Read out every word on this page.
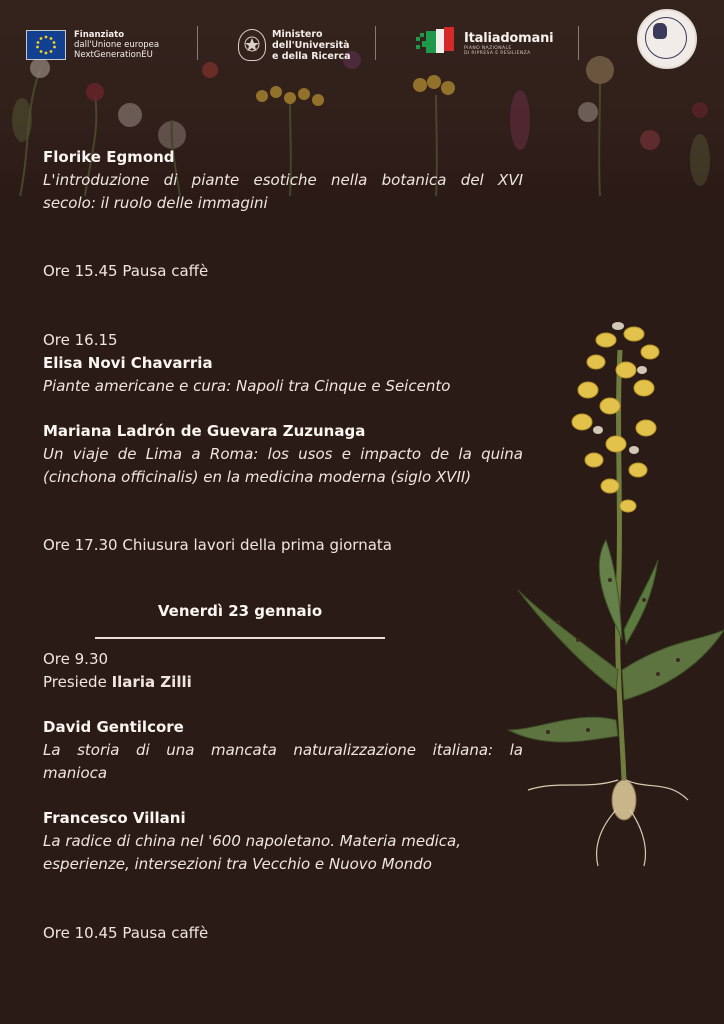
Finanziato
dall'Unione europea
NextGenerationEU
Ministero
dell'Università
e della Ricerca
Italiadomani
PIANO NAZIONALE
DI RIPRESA E RESILIENZA
Florike Egmond
L'introduzione di piante esotiche nella botanica del XVI
secolo: il ruolo delle immagini
Ore 15.45 Pausa caffè
Ore 16.15
Elisa Novi Chavarria
Piante americane e cura: Napoli tra Cinque e Seicento
Mariana Ladrón de Guevara Zuzunaga
Un viaje de Lima a Roma: los usos e impacto de la quina
(cinchona officinalis) en la medicina moderna (siglo XVII)
Ore 17.30 Chiusura lavori della prima giornata
Ore 9.30
Presiede Ilaria Zilli
David Gentilcore
La storia di una mancata naturalizzazione italiana: la
manioca
Francesco Villani
La radice di china nel '600 napoletano. Materia medica,
esperienze, intersezioni tra Vecchio e Nuovo Mondo
Ore 10.45 Pausa caffè
Venerdì 23 gennaio
